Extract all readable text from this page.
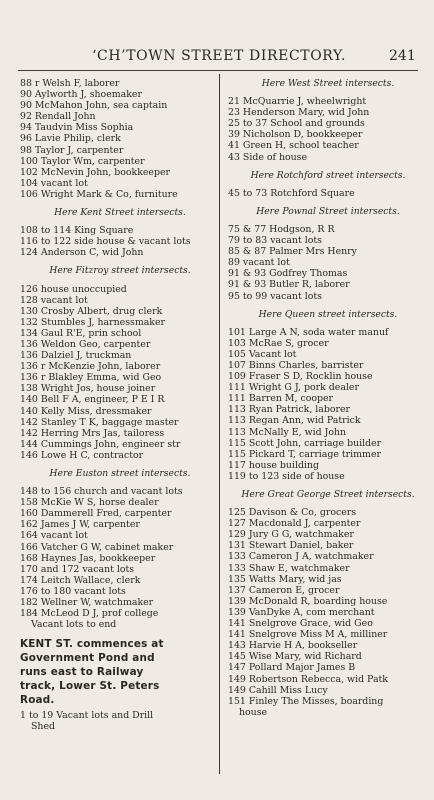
‘CH’TOWN STREET DIRECTORY.	241
88 r Welsh F, laborer
90 Aylworth J, shoemaker
90 McMahon John, sea captain
92 Rendall John
94 Taudvin Miss Sophia
96 Lavie Philip, clerk
98 Taylor J, carpenter
100 Taylor Wm, carpenter
102 McNevin John, bookkeeper
104 vacant lot
106 Wright Mark & Co, furniture
Here Kent Street intersects.
108 to 114 King Square
116 to 122 side house & vacant lots
124 Anderson C, wid John
Here Fitzroy street intersects.
126 house unoccupied
128 vacant lot
130 Crosby Albert, drug clerk
132 Stumbles J, harnessmaker
134 Gaul R'E, prin school
136 Weldon Geo, carpenter
136 Dalziel J, truckman
136 r McKenzie John, laborer
136 r Blakley Emma, wid Geo
138 Wright Jos, house joiner
140 Bell F A, engineer, P E I R
140 Kelly Miss, dressmaker
142 Stanley T K, baggage master
142 Herring Mrs Jas, tailoress
144 Cummings John, engineer str
146 Lowe H C, contractor
Here Euston street intersects.
148 to 156 church and vacant lots
158 McKie W S, horse dealer
160 Dammerell Fred, carpenter
162 James J W, carpenter
164 vacant lot
166 Vatcher G W, cabinet maker
168 Haynes Jas, bookkeeper
170 and 172 vacant lots
174 Leitch Wallace, clerk
176 to 180 vacant lots
182 Wellner W, watchmaker
184 McLeod D J, prof college
Vacant lots to end
KENT ST. commences at
Government Pond and
runs east to Railway
track, Lower St. Peters
Road.
1 to 19 Vacant lots and Drill
Shed
Here West Street intersects.
21 McQuarrie J, wheelwright
23 Henderson Mary, wid John
25 to 37 School and grounds
39 Nicholson D, bookkeeper
41 Green H, school teacher
43 Side of house
Here Rotchford street intersects.
45 to 73 Rotchford Square
Here Pownal Street intersects.
75 & 77 Hodgson, R R
79 to 83 vacant lots
85 & 87 Palmer Mrs Henry
89 vacant lot
91 & 93 Godfrey Thomas
91 & 93 Butler R, laborer
95 to 99 vacant lots
Here Queen street intersects.
101 Large A N, soda water manuf
103 McRae S, grocer
105 Vacant lot
107 Binns Charles, barrister
109 Fraser S D, Rocklin house
111 Wright G J, pork dealer
111 Barren M, cooper
113 Ryan Patrick, laborer
113 Regan Ann, wid Patrick
113 McNally E, wid John
115 Scott John, carriage builder
115 Pickard T, carriage trimmer
117 house building
119 to 123 side of house
Here Great George Street intersects.
125 Davison & Co, grocers
127 Macdonald J, carpenter
129 Jury G G, watchmaker
131 Stewart Daniel, baker
133 Cameron J A, watchmaker
133 Shaw E, watchmaker
135 Watts Mary, wid jas
137 Cameron E, grocer
139 McDonald R, boarding house
139 VanDyke A, com merchant
141 Snelgrove Grace, wid Geo
141 Snelgrove Miss M A, milliner
143 Harvie H A, bookseller
145 Wise Mary, wid Richard
147 Pollard Major James B
149 Robertson Rebecca, wid Patk
149 Cahill Miss Lucy
151 Finley The Misses, boarding
house
